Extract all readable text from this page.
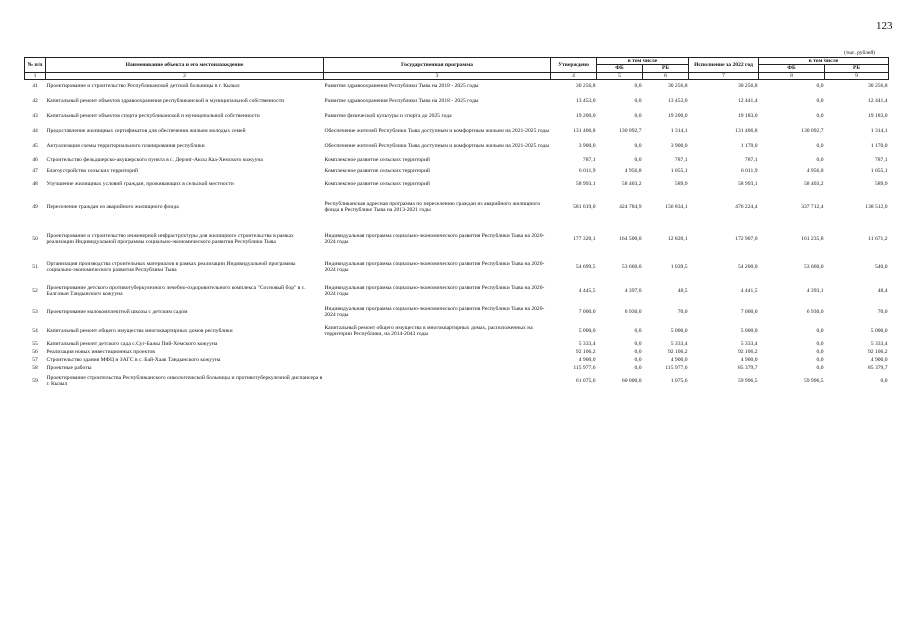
123
(тыс. рублей)
№ п/п	Наименование объекта и его местонахождение	Государственная программа	Утверждено	в том числе		Исполнение за 2022 год	в том числе	
				ФБ	РБ		ФБ	РБ
1	2	3	4	5	6	7	8	9
41	Проектирование и строительство Республиканской детской больницы в г. Кызыл	Развитие здравоохранения Республики Тыва на 2018 - 2025 годы	30 256,8	0,0	30 256,8	30 256,8	0,0	30 256,8
42	Капитальный ремонт объектов здравоохранения республиканской и муниципальной собственности	Развитие здравоохранения Республики Тыва на 2018 - 2025 годы	13 453,0	0,0	13 453,0	12 441,4	0,0	12 441,4
43	Капитальный ремонт объектов спорта республиканской и муниципальной собственности	Развитие физической культуры и спорта до 2025 года	19 200,0	0,0	19 200,0	19 183,0	0,0	19 183,0
44	Предоставление жилищных сертификатов для обеспечения жильем молодых семей	Обеспечение жителей Республики Тыва доступным и комфортным жильем на 2021-2025 годы	131 406,8	130 092,7	1 314,1	131 406,8	130 092,7	1 314,1
45	Актуализация схемы территориального планирования республики	Обеспечение жителей Республики Тыва доступным и комфортным жильем на 2021-2025 годы	3 900,0	0,0	3 900,0	1 170,0	0,0	1 170,0
46	Строительство фельдшерско-акушерского пункта в с. Дерзиг-Аксы Каа-Хемского кожууна	Комплексное развитие сельских территорий	787,1	0,0	787,1	787,1	0,0	787,1
47	Благоустройство сельских территорий	Комплексное развитие сельских территорий	6 011,9	4 956,8	1 055,1	6 011,9	4 956,8	1 055,1
48	Улучшение жилищных условий граждан, проживающих в сельской местности	Комплексное развитие сельских территорий	58 993,1	58 403,2	589,9	58 993,1	58 403,2	589,9
49	Переселение граждан из аварийного жилищного фонда	Республиканская адресная программа по переселению граждан из аварийного жилищного фонда в Республике Тыва на 2013-2021 годы	581 619,0	424 784,9	156 834,1	476 224,4	337 712,4	138 512,0
50	Проектирование и строительство инженерной инфраструктуры для жилищного строительства в рамках реализации Индивидуальной программы социально-экономического развития Республики Тыва	Индивидуальная программа социально-экономического развития Республики Тыва на 2020-2024 годы	177 320,1	164 500,0	12 820,1	172 907,0	161 235,8	11 671,2
51	Организация производства строительных материалов в рамках реализации Индивидуальной программы социально-экономического развития Республики Тыва	Индивидуальная программа социально-экономического развития Республики Тыва на 2020-2024 годы	54 699,5	53 660,0	1 039,5	54 200,0	53 660,0	540,0
52	Проектирование детского противотуберкулезного лечебно-оздоровительного комплекса "Сосновый бор" в с. Балгазын Тандынского кожууна	Индивидуальная программа социально-экономического развития Республики Тыва на 2020-2024 годы	4 445,5	4 397,0	48,5	4 441,5	4 393,1	48,4
53	Проектирование малокомплектной школы с детским садом	Индивидуальная программа социально-экономического развития Республики Тыва на 2020-2024 годы	7 000,0	6 930,0	70,0	7 000,0	6 930,0	70,0
54	Капитальный ремонт общего имущества многоквартирных домов республики	Капитальный ремонт общего имущества в многоквартирных домах, расположенных на территории Республики, на 2014-2043 годы	5 000,0	0,0	5 000,0	5 000,0	0,0	5 000,0
55	Капитальный ремонт детского сада с.Суг-Бажы Пий-Хемского кожууна		5 333,4	0,0	5 333,4	5 333,4	0,0	5 333,4
56	Реализация новых инвестиционных проектов		92 106,2	0,0	92 106,2	92 106,2	0,0	92 106,2
57	Строительство здания МФЦ и ЗАГС в с. Бай-Хаак Тандынского кожууна		4 900,0	0,0	4 900,0	4 900,0	0,0	4 900,0
58	Проектные работы		115 977,6	0,0	115 977,6	85 379,7	0,0	85 379,7
59	Проектирование строительства Республиканского онкологической больницы и противотуберкулезной диспансера в г. Кызыл		61 075,6	60 000,0	1 075,6	59 996,5	59 996,5	0,0
